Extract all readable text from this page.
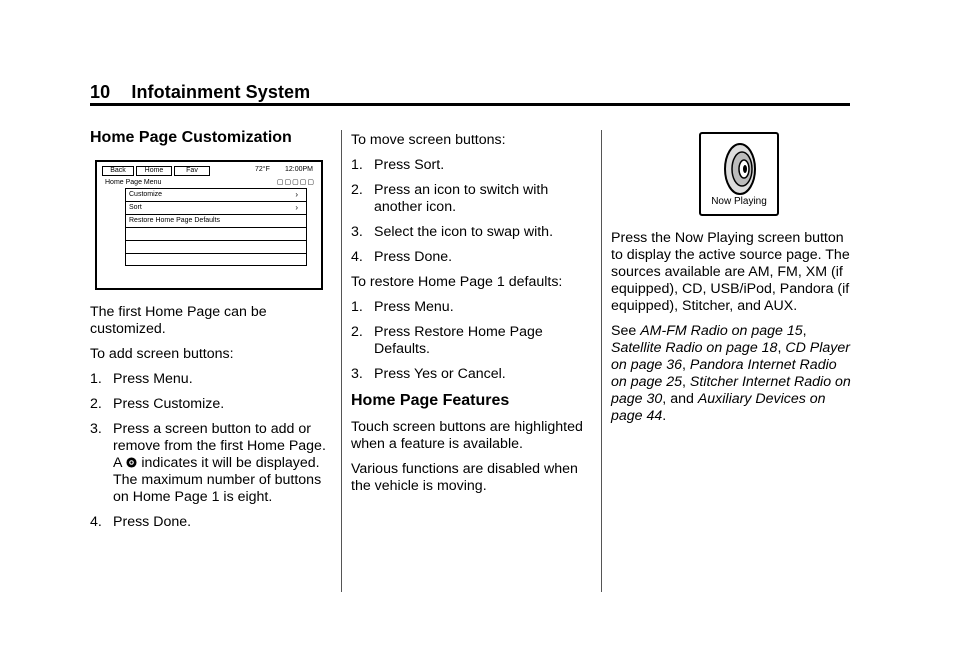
10 Infotainment System
Home Page Customization
Back	Home	Fav	72°F 12:00PM
Home Page Menu	▢▢▢▢▢
Customize	›
Sort	›
Restore Home Page Defaults

The first Home Page can be customized.

To add screen buttons:

1. Press Menu.
2. Press Customize.
3. Press a screen button to add or remove from the first Home Page. A indicates it will be displayed. The maximum number of buttons on Home Page 1 is eight.
4. Press Done.

To move screen buttons:

1. Press Sort.
2. Press an icon to switch with another icon.
3. Select the icon to swap with.
4. Press Done.

To restore Home Page 1 defaults:

1. Press Menu.
2. Press Restore Home Page Defaults.
3. Press Yes or Cancel.
Home Page Features

Touch screen buttons are highlighted when a feature is available.

Various functions are disabled when the vehicle is moving.

Now Playing

Press the Now Playing screen button to display the active source page. The sources available are AM, FM, XM (if equipped), CD, USB/iPod, Pandora (if equipped), Stitcher, and AUX.

See AM-FM Radio on page 15, Satellite Radio on page 18, CD Player on page 36, Pandora Internet Radio on page 25, Stitcher Internet Radio on page 30, and Auxiliary Devices on page 44.
